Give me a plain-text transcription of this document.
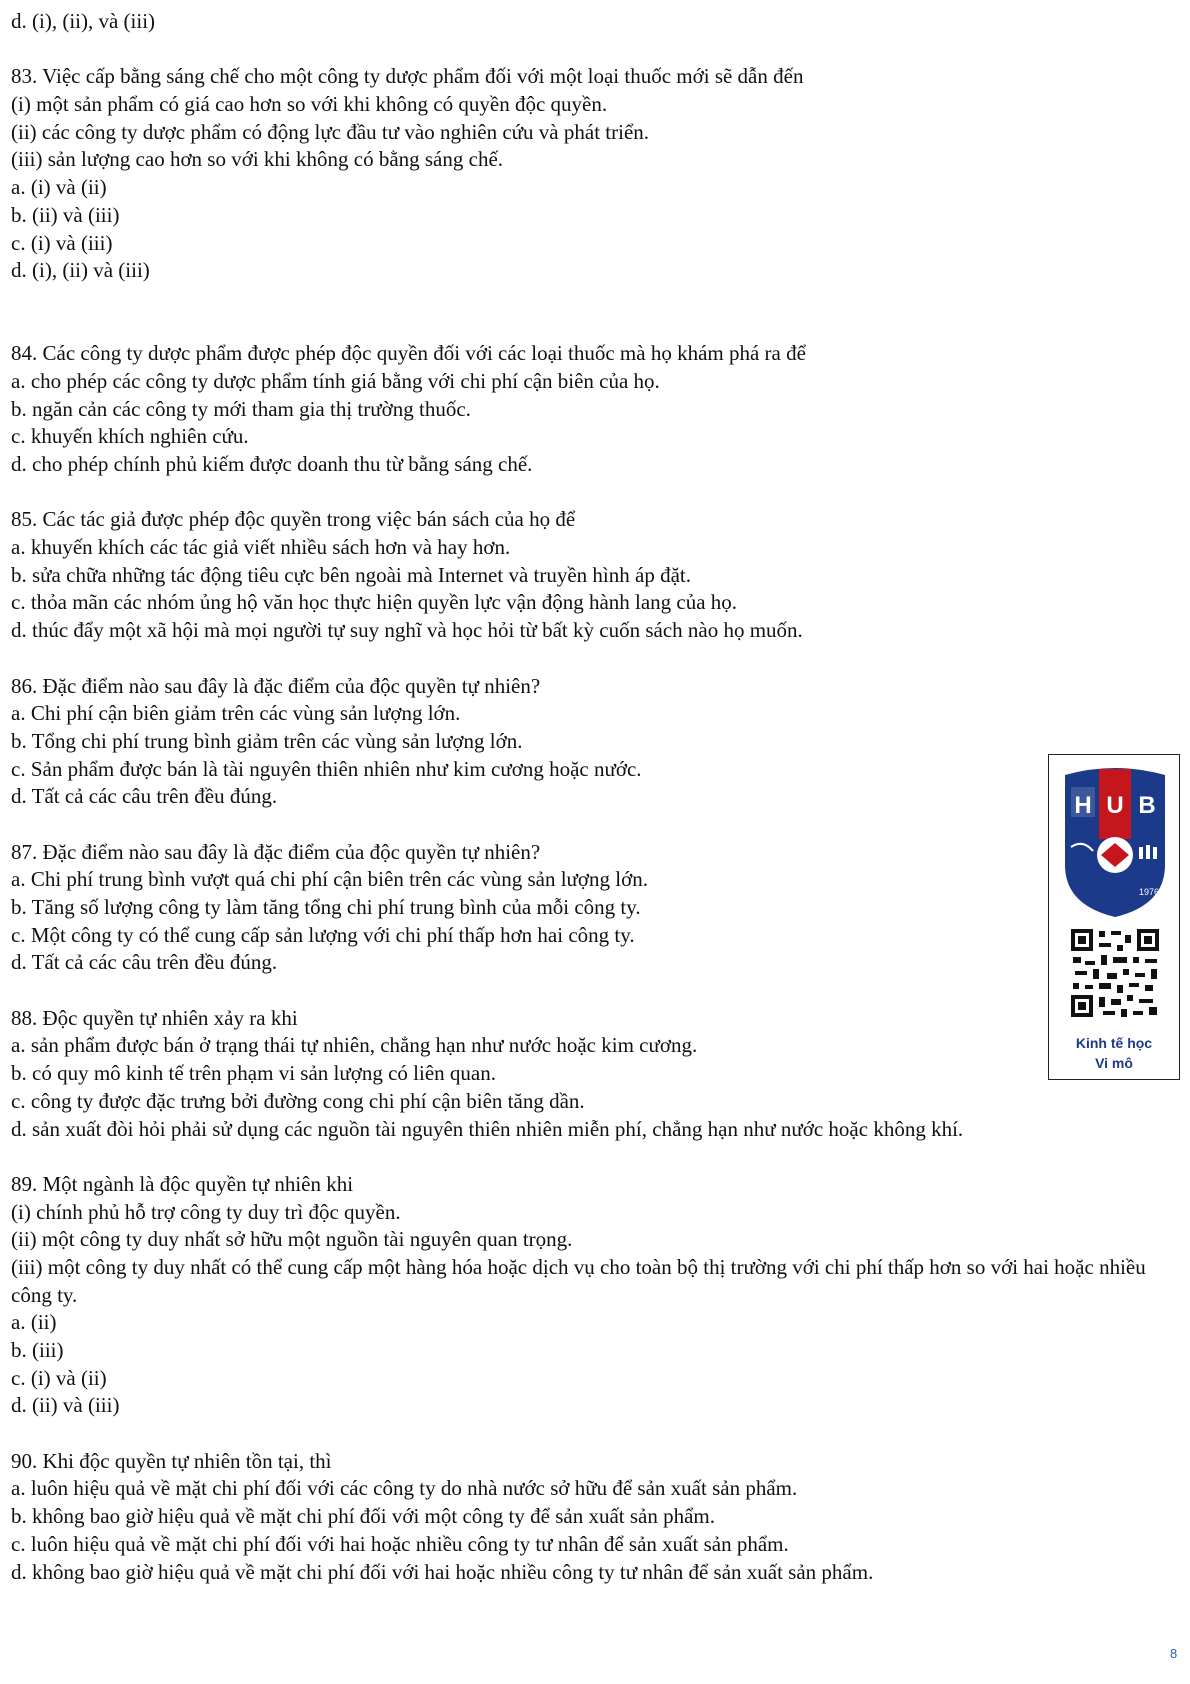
d. (i), (ii), và (iii)
83. Việc cấp bằng sáng chế cho một công ty dược phẩm đối với một loại thuốc mới sẽ dẫn đến
(i) một sản phẩm có giá cao hơn so với khi không có quyền độc quyền.
(ii) các công ty dược phẩm có động lực đầu tư vào nghiên cứu và phát triển.
(iii) sản lượng cao hơn so với khi không có bằng sáng chế.
a. (i) và (ii)
b. (ii) và (iii)
c. (i) và (iii)
d. (i), (ii) và (iii)
84. Các công ty dược phẩm được phép độc quyền đối với các loại thuốc mà họ khám phá ra để
a. cho phép các công ty dược phẩm tính giá bằng với chi phí cận biên của họ.
b. ngăn cản các công ty mới tham gia thị trường thuốc.
c. khuyến khích nghiên cứu.
d. cho phép chính phủ kiếm được doanh thu từ bằng sáng chế.
85. Các tác giả được phép độc quyền trong việc bán sách của họ để
a. khuyến khích các tác giả viết nhiều sách hơn và hay hơn.
b. sửa chữa những tác động tiêu cực bên ngoài mà Internet và truyền hình áp đặt.
c. thỏa mãn các nhóm ủng hộ văn học thực hiện quyền lực vận động hành lang của họ.
d. thúc đẩy một xã hội mà mọi người tự suy nghĩ và học hỏi từ bất kỳ cuốn sách nào họ muốn.
86. Đặc điểm nào sau đây là đặc điểm của độc quyền tự nhiên?
a. Chi phí cận biên giảm trên các vùng sản lượng lớn.
b. Tổng chi phí trung bình giảm trên các vùng sản lượng lớn.
c. Sản phẩm được bán là tài nguyên thiên nhiên như kim cương hoặc nước.
d. Tất cả các câu trên đều đúng.
87. Đặc điểm nào sau đây là đặc điểm của độc quyền tự nhiên?
a. Chi phí trung bình vượt quá chi phí cận biên trên các vùng sản lượng lớn.
b. Tăng số lượng công ty làm tăng tổng chi phí trung bình của mỗi công ty.
c. Một công ty có thể cung cấp sản lượng với chi phí thấp hơn hai công ty.
d. Tất cả các câu trên đều đúng.
88. Độc quyền tự nhiên xảy ra khi
a. sản phẩm được bán ở trạng thái tự nhiên, chẳng hạn như nước hoặc kim cương.
b. có quy mô kinh tế trên phạm vi sản lượng có liên quan.
c. công ty được đặc trưng bởi đường cong chi phí cận biên tăng dần.
d. sản xuất đòi hỏi phải sử dụng các nguồn tài nguyên thiên nhiên miễn phí, chẳng hạn như nước hoặc không khí.
89. Một ngành là độc quyền tự nhiên khi
(i) chính phủ hỗ trợ công ty duy trì độc quyền.
(ii) một công ty duy nhất sở hữu một nguồn tài nguyên quan trọng.
(iii) một công ty duy nhất có thể cung cấp một hàng hóa hoặc dịch vụ cho toàn bộ thị trường với chi phí thấp hơn so với hai hoặc nhiều công ty.
a. (ii)
b. (iii)
c. (i) và (ii)
d. (ii) và (iii)
90. Khi độc quyền tự nhiên tồn tại, thì
a. luôn hiệu quả về mặt chi phí đối với các công ty do nhà nước sở hữu để sản xuất sản phẩm.
b. không bao giờ hiệu quả về mặt chi phí đối với một công ty để sản xuất sản phẩm.
c. luôn hiệu quả về mặt chi phí đối với hai hoặc nhiều công ty tư nhân để sản xuất sản phẩm.
d. không bao giờ hiệu quả về mặt chi phí đối với hai hoặc nhiều công ty tư nhân để sản xuất sản phẩm.
H U B
1976
Kinh tế học
Vi mô
8
